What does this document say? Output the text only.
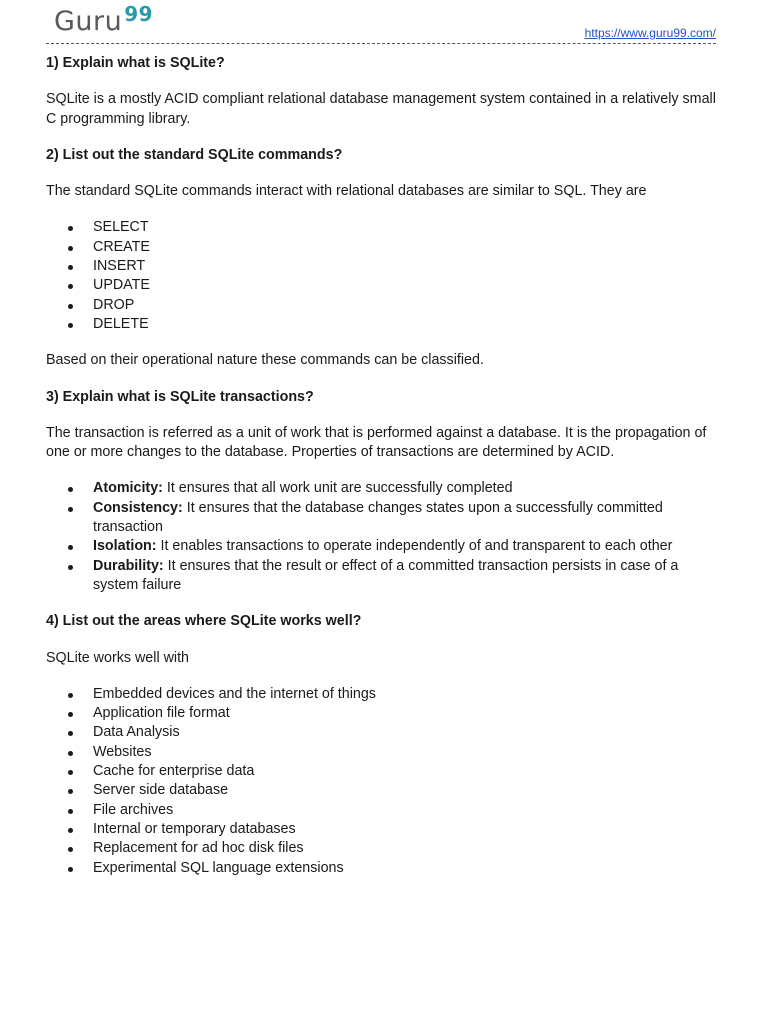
Guru $^{99}$
https://www.guru99.com/
1) Explain what is SQLite?
SQLite is a mostly ACID compliant relational database management system contained in a relatively small C programming library.
2) List out the standard SQLite commands?
The standard SQLite commands interact with relational databases are similar to SQL. They are
SELECT
CREATE
INSERT
UPDATE
DROP
DELETE
Based on their operational nature these commands can be classified.
3) Explain what is SQLite transactions?
The transaction is referred as a unit of work that is performed against a database. It is the propagation of one or more changes to the database. Properties of transactions are determined by ACID.
Atomicity: It ensures that all work unit are successfully completed
Consistency: It ensures that the database changes states upon a successfully committed transaction
Isolation: It enables transactions to operate independently of and transparent to each other
Durability: It ensures that the result or effect of a committed transaction persists in case of a system failure
4) List out the areas where SQLite works well?
SQLite works well with
Embedded devices and the internet of things
Application file format
Data Analysis
Websites
Cache for enterprise data
Server side database
File archives
Internal or temporary databases
Replacement for ad hoc disk files
Experimental SQL language extensions
